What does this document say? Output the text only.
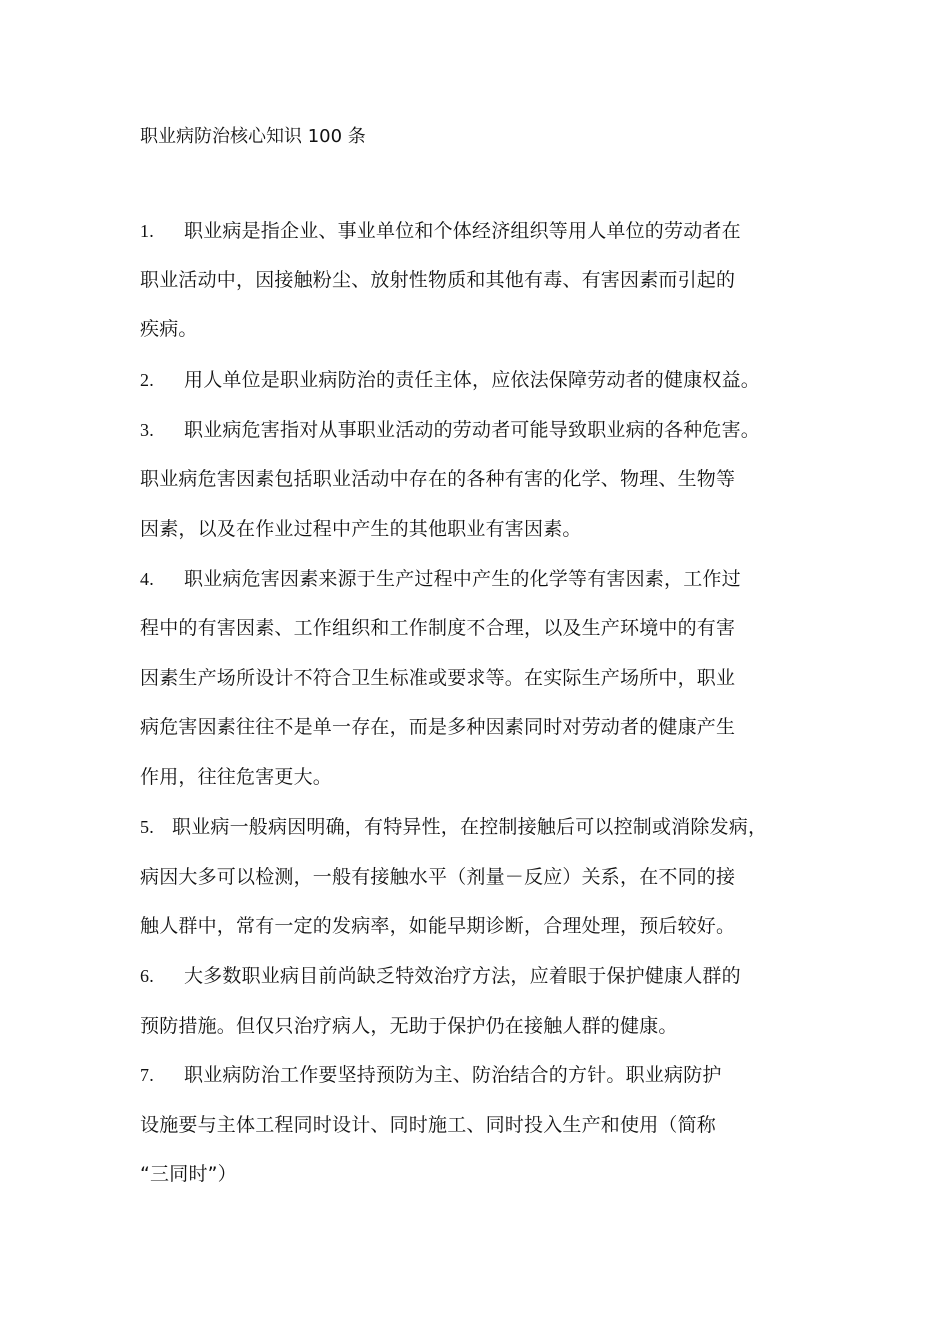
职业病防治核心知识 100 条
1. 职业病是指企业、事业单位和个体经济组织等用人单位的劳动者在
职业活动中，因接触粉尘、放射性物质和其他有毒、有害因素而引起的
疾病。
2. 用人单位是职业病防治的责任主体，应依法保障劳动者的健康权益。
3. 职业病危害指对从事职业活动的劳动者可能导致职业病的各种危害。
职业病危害因素包括职业活动中存在的各种有害的化学、物理、生物等
因素，以及在作业过程中产生的其他职业有害因素。
4. 职业病危害因素来源于生产过程中产生的化学等有害因素，工作过
程中的有害因素、工作组织和工作制度不合理，以及生产环境中的有害
因素生产场所设计不符合卫生标准或要求等。在实际生产场所中，职业
病危害因素往往不是单一存在，而是多种因素同时对劳动者的健康产生
作用，往往危害更大。
5. 职业病一般病因明确，有特异性，在控制接触后可以控制或消除发病，
病因大多可以检测，一般有接触水平（剂量－反应）关系，在不同的接
触人群中，常有一定的发病率，如能早期诊断，合理处理，预后较好。
6. 大多数职业病目前尚缺乏特效治疗方法，应着眼于保护健康人群的
预防措施。但仅只治疗病人，无助于保护仍在接触人群的健康。
7. 职业病防治工作要坚持预防为主、防治结合的方针。职业病防护
设施要与主体工程同时设计、同时施工、同时投入生产和使用（简称
“三同时”）
